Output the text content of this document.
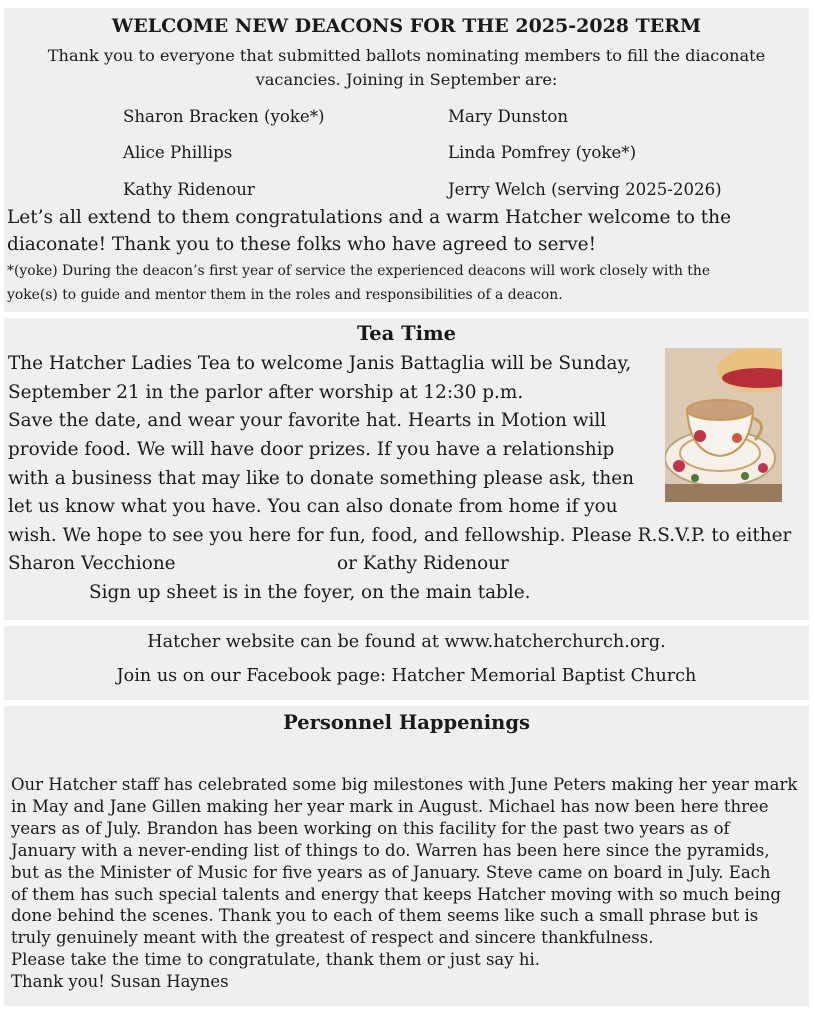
WELCOME NEW DEACONS FOR THE 2025-2028 TERM
Thank you to everyone that submitted ballots nominating members to fill the diaconate vacancies. Joining in September are:
Sharon Bracken (yoke*)	Mary Dunston
Alice Phillips	Linda Pomfrey (yoke*)
Kathy Ridenour	Jerry Welch (serving 2025-2026)
Let’s all extend to them congratulations and a warm Hatcher welcome to the
diaconate! Thank you to these folks who have agreed to serve!
*(yoke) During the deacon’s first year of service the experienced deacons will work closely with the
yoke(s) to guide and mentor them in the roles and responsibilities of a deacon.
Tea Time
The Hatcher Ladies Tea to welcome Janis Battaglia will be Sunday,
September 21 in the parlor after worship at 12:30 p.m.
Save the date, and wear your favorite hat. Hearts in Motion will
provide food. We will have door prizes. If you have a relationship
with a business that may like to donate something please ask, then
let us know what you have. You can also donate from home if you
wish. We hope to see you here for fun, food, and fellowship. Please R.S.V.P. to either
Sharon Vecchione	or Kathy Ridenour
Sign up sheet is in the foyer, on the main table.
Hatcher website can be found at www.hatcherchurch.org.
Join us on our Facebook page: Hatcher Memorial Baptist Church
Personnel Happenings
Our Hatcher staff has celebrated some big milestones with June Peters making her year mark
in May and Jane Gillen making her year mark in August. Michael has now been here three
years as of July. Brandon has been working on this facility for the past two years as of
January with a never-ending list of things to do. Warren has been here since the pyramids,
but as the Minister of Music for five years as of January. Steve came on board in July. Each
of them has such special talents and energy that keeps Hatcher moving with so much being
done behind the scenes. Thank you to each of them seems like such a small phrase but is
truly genuinely meant with the greatest of respect and sincere thankfulness.
Please take the time to congratulate, thank them or just say hi.
Thank you! Susan Haynes
